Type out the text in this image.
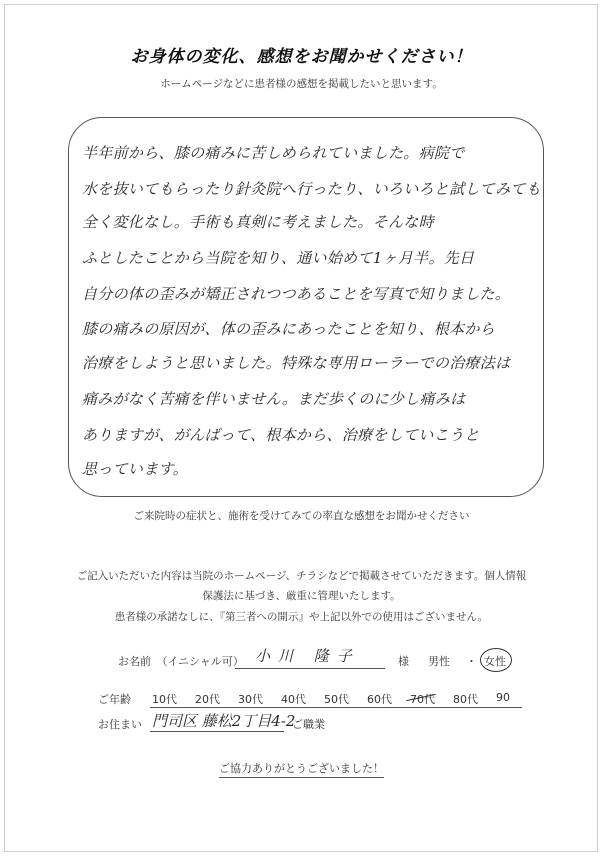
お身体の変化、感想をお聞かせください！
ホームページなどに患者様の感想を掲載したいと思います。
半年前から、膝の痛みに苦しめられていました。病院で
水を抜いてもらったり針灸院へ行ったり、いろいろと試してみても
全く変化なし。手術も真剣に考えました。そんな時
ふとしたことから当院を知り、通い始めて1ヶ月半。先日
自分の体の歪みが矯正されつつあることを写真で知りました。
膝の痛みの原因が、体の歪みにあったことを知り、根本から
治療をしようと思いました。特殊な専用ローラーでの治療法は
痛みがなく苦痛を伴いません。まだ歩くのに少し痛みは
ありますが、がんばって、根本から、治療をしていこうと
思っています。
ご来院時の症状と、施術を受けてみての率直な感想をお聞かせください
ご記入いただいた内容は当院のホームページ、チラシなどで掲載させていただきます。個人情報
保護法に基づき、厳重に管理いたします。
患者様の承諾なしに、『第三者への開示』や上記以外での使用はございません。
お名前　（イニシャル可） 小川 隆子	様 男性 ・ 女性
ご年齢 10代 20代 30代 40代 50代 60代 70代 80代 90
お住まい 門司区 藤松2丁目4-2
ご職業
ご協力ありがとうございました！
